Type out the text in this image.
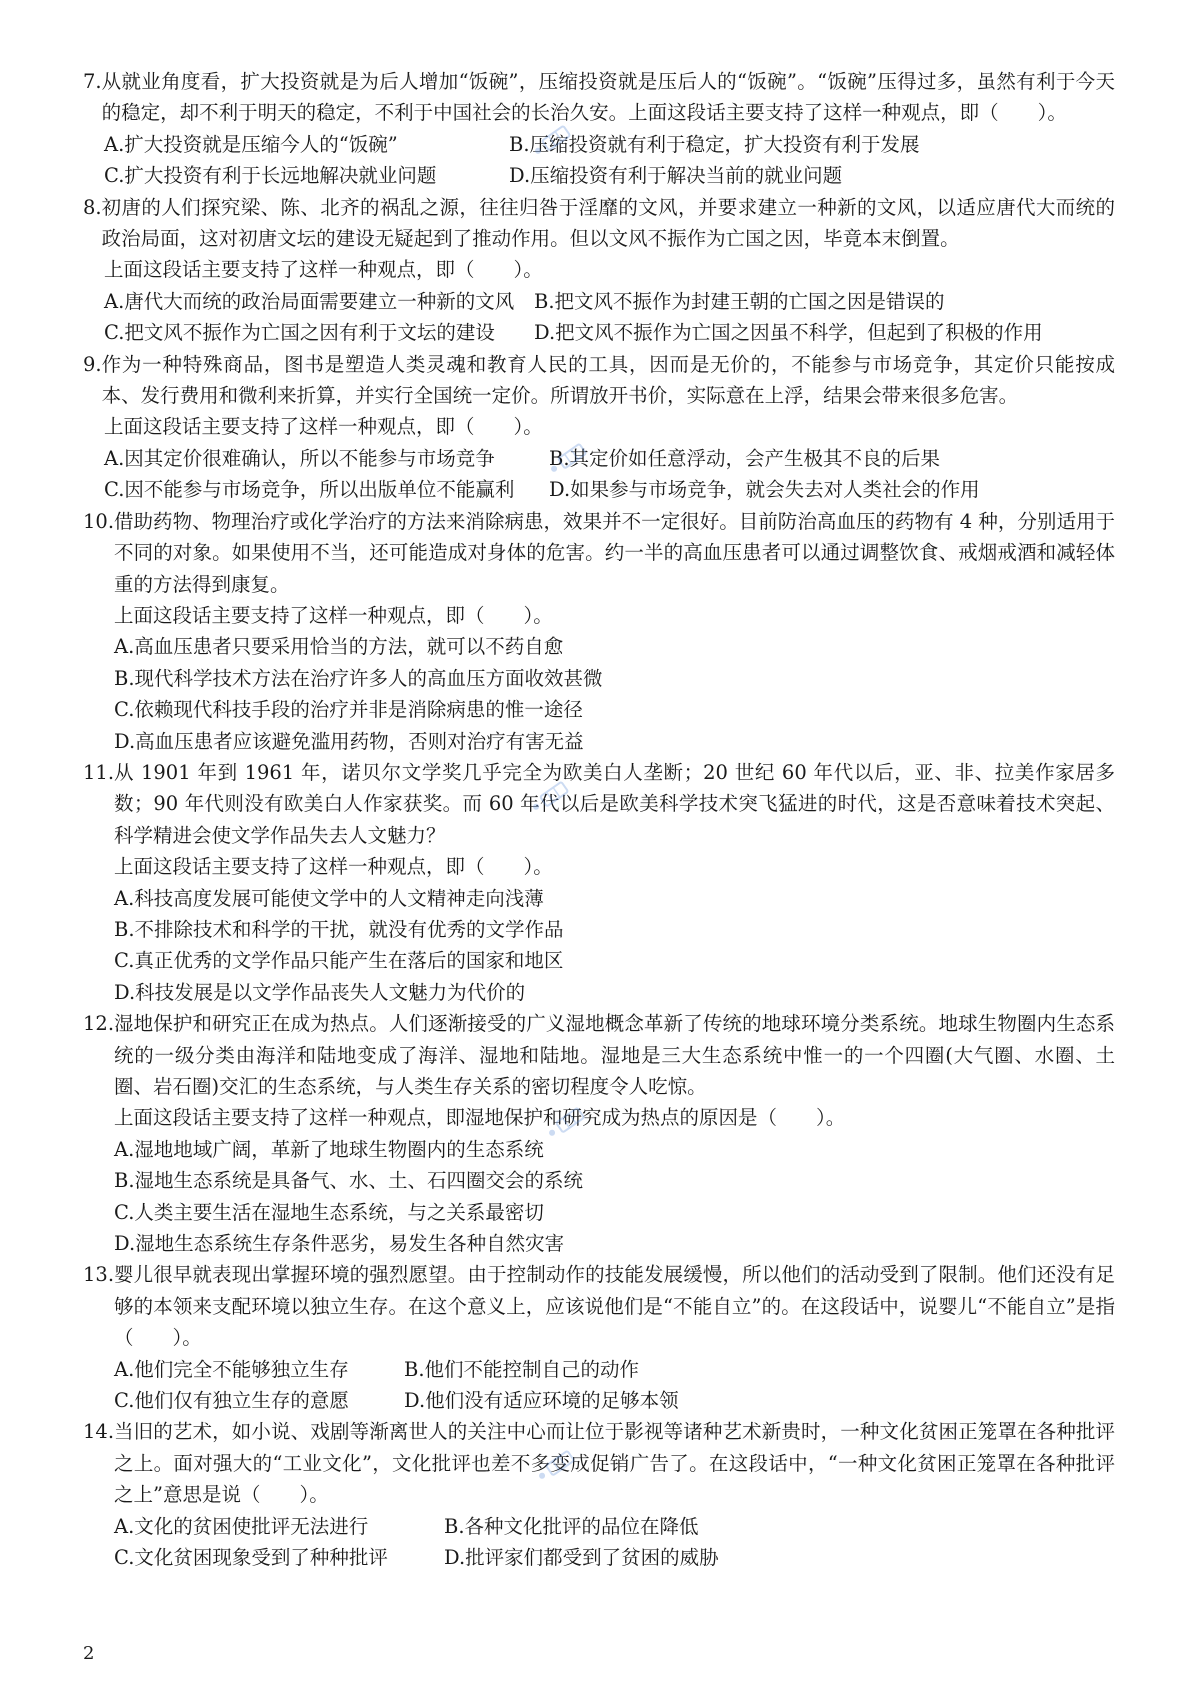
7. 从就业角度看，扩大投资就是为后人增加“饭碗”，压缩投资就是压后人的“饭碗”。“饭碗”压得过多，虽然有利于今天的稳定，却不利于明天的稳定，不利于中国社会的长治久安。上面这段话主要支持了这样一种观点，即（　　）。
A.扩大投资就是压缩今人的“饭碗”	B.压缩投资就有利于稳定，扩大投资有利于发展
C.扩大投资有利于长远地解决就业问题	D.压缩投资有利于解决当前的就业问题
8. 初唐的人们探究梁、陈、北齐的祸乱之源，往往归咎于淫靡的文风，并要求建立一种新的文风，以适应唐代大而统的政治局面，这对初唐文坛的建设无疑起到了推动作用。但以文风不振作为亡国之因，毕竟本末倒置。
上面这段话主要支持了这样一种观点，即（　　）。
A.唐代大而统的政治局面需要建立一种新的文风	B.把文风不振作为封建王朝的亡国之因是错误的
C.把文风不振作为亡国之因有利于文坛的建设	D.把文风不振作为亡国之因虽不科学，但起到了积极的作用
9. 作为一种特殊商品，图书是塑造人类灵魂和教育人民的工具，因而是无价的，不能参与市场竞争，其定价只能按成本、发行费用和微利来折算，并实行全国统一定价。所谓放开书价，实际意在上浮，结果会带来很多危害。
上面这段话主要支持了这样一种观点，即（　　）。
A.因其定价很难确认，所以不能参与市场竞争	B.其定价如任意浮动，会产生极其不良的后果
C.因不能参与市场竞争，所以出版单位不能赢利	D.如果参与市场竞争，就会失去对人类社会的作用
10. 借助药物、物理治疗或化学治疗的方法来消除病患，效果并不一定很好。目前防治高血压的药物有 4 种，分别适用于不同的对象。如果使用不当，还可能造成对身体的危害。约一半的高血压患者可以通过调整饮食、戒烟戒酒和减轻体重的方法得到康复。
上面这段话主要支持了这样一种观点，即（　　）。
A.高血压患者只要采用恰当的方法，就可以不药自愈
B.现代科学技术方法在治疗许多人的高血压方面收效甚微
C.依赖现代科技手段的治疗并非是消除病患的惟一途径
D.高血压患者应该避免滥用药物，否则对治疗有害无益
11. 从 1901 年到 1961 年，诺贝尔文学奖几乎完全为欧美白人垄断；20 世纪 60 年代以后，亚、非、拉美作家居多数；90 年代则没有欧美白人作家获奖。而 60 年代以后是欧美科学技术突飞猛进的时代，这是否意味着技术突起、科学精进会使文学作品失去人文魅力？
上面这段话主要支持了这样一种观点，即（　　）。
A.科技高度发展可能使文学中的人文精神走向浅薄
B.不排除技术和科学的干扰，就没有优秀的文学作品
C.真正优秀的文学作品只能产生在落后的国家和地区
D.科技发展是以文学作品丧失人文魅力为代价的
12. 湿地保护和研究正在成为热点。人们逐渐接受的广义湿地概念革新了传统的地球环境分类系统。地球生物圈内生态系统的一级分类由海洋和陆地变成了海洋、湿地和陆地。湿地是三大生态系统中惟一的一个四圈(大气圈、水圈、土圈、岩石圈)交汇的生态系统，与人类生存关系的密切程度令人吃惊。
上面这段话主要支持了这样一种观点，即湿地保护和研究成为热点的原因是（　　）。
A.湿地地域广阔，革新了地球生物圈内的生态系统
B.湿地生态系统是具备气、水、土、石四圈交会的系统
C.人类主要生活在湿地生态系统，与之关系最密切
D.湿地生态系统生存条件恶劣，易发生各种自然灾害
13. 婴儿很早就表现出掌握环境的强烈愿望。由于控制动作的技能发展缓慢，所以他们的活动受到了限制。他们还没有足够的本领来支配环境以独立生存。在这个意义上，应该说他们是“不能自立”的。在这段话中，说婴儿“不能自立”是指（　　）。
A.他们完全不能够独立生存	B.他们不能控制自己的动作
C.他们仅有独立生存的意愿	D.他们没有适应环境的足够本领
14. 当旧的艺术，如小说、戏剧等渐离世人的关注中心而让位于影视等诸种艺术新贵时，一种文化贫困正笼罩在各种批评之上。面对强大的“工业文化”，文化批评也差不多变成促销广告了。在这段话中，“一种文化贫困正笼罩在各种批评之上”意思是说（　　）。
A.文化的贫困使批评无法进行	B.各种文化批评的品位在降低
C.文化贫困现象受到了种种批评	D.批评家们都受到了贫困的威胁
2
